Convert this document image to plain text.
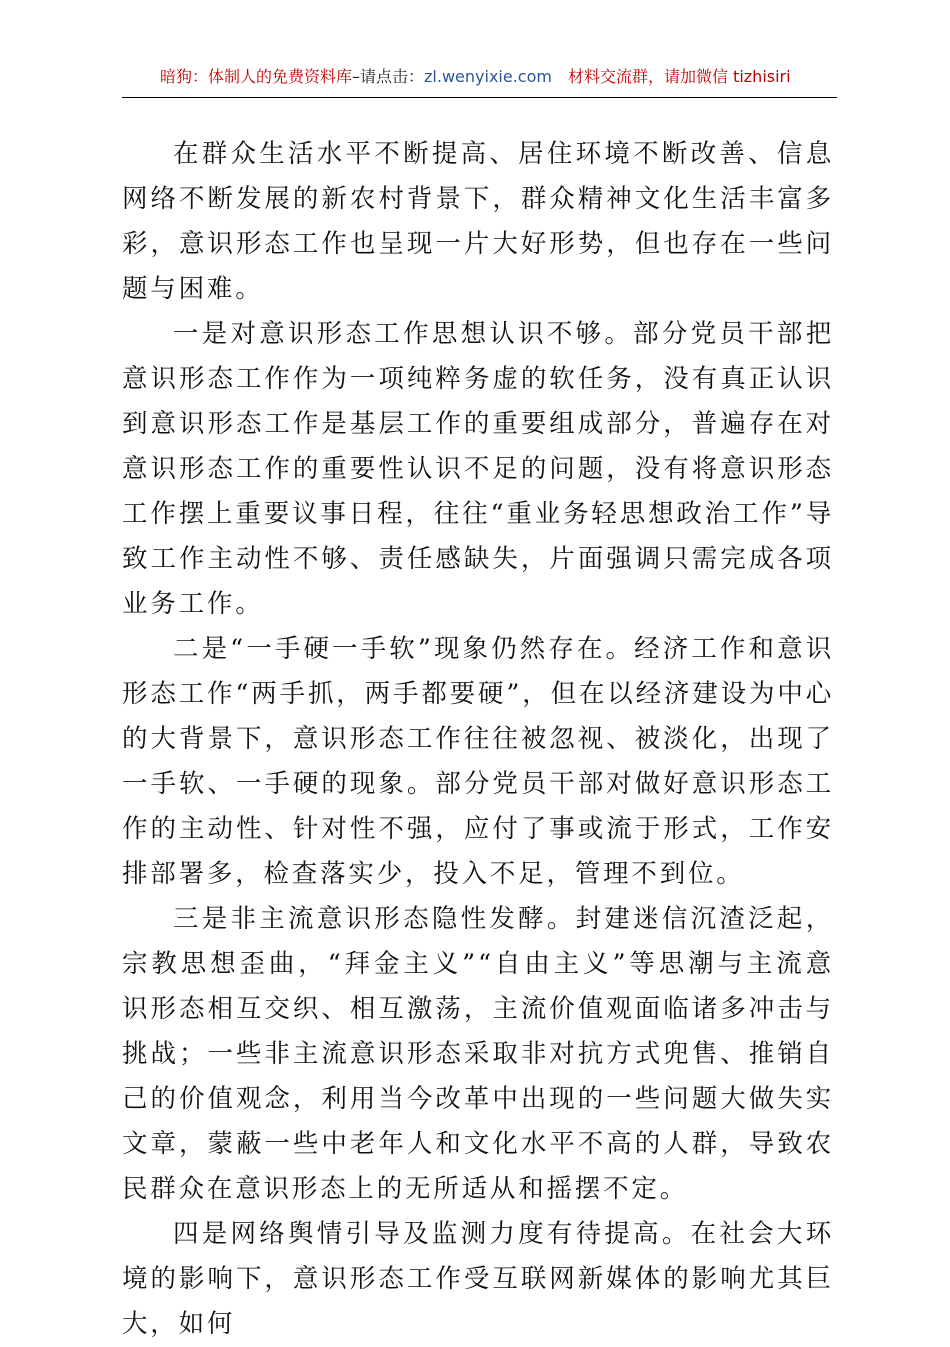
暗狗：体制人的免费资料库–请点击：zl.wenyixie.com 材料交流群，请加微信 tizhisiri

在群众生活水平不断提高、居住环境不断改善、信息网络不断发展的新农村背景下，群众精神文化生活丰富多彩，意识形态工作也呈现一片大好形势，但也存在一些问题与困难。

一是对意识形态工作思想认识不够。部分党员干部把意识形态工作作为一项纯粹务虚的软任务，没有真正认识到意识形态工作是基层工作的重要组成部分，普遍存在对意识形态工作的重要性认识不足的问题，没有将意识形态工作摆上重要议事日程，往往“重业务轻思想政治工作”导致工作主动性不够、责任感缺失，片面强调只需完成各项业务工作。

二是“一手硬一手软”现象仍然存在。经济工作和意识形态工作“两手抓，两手都要硬”，但在以经济建设为中心的大背景下，意识形态工作往往被忽视、被淡化，出现了一手软、一手硬的现象。部分党员干部对做好意识形态工作的主动性、针对性不强，应付了事或流于形式，工作安排部署多，检查落实少，投入不足，管理不到位。

三是非主流意识形态隐性发酵。封建迷信沉渣泛起，宗教思想歪曲，“拜金主义”“自由主义”等思潮与主流意识形态相互交织、相互激荡，主流价值观面临诸多冲击与挑战；一些非主流意识形态采取非对抗方式兜售、推销自己的价值观念，利用当今改革中出现的一些问题大做失实文章，蒙蔽一些中老年人和文化水平不高的人群，导致农民群众在意识形态上的无所适从和摇摆不定。

四是网络舆情引导及监测力度有待提高。在社会大环境的影响下，意识形态工作受互联网新媒体的影响尤其巨大，如何
